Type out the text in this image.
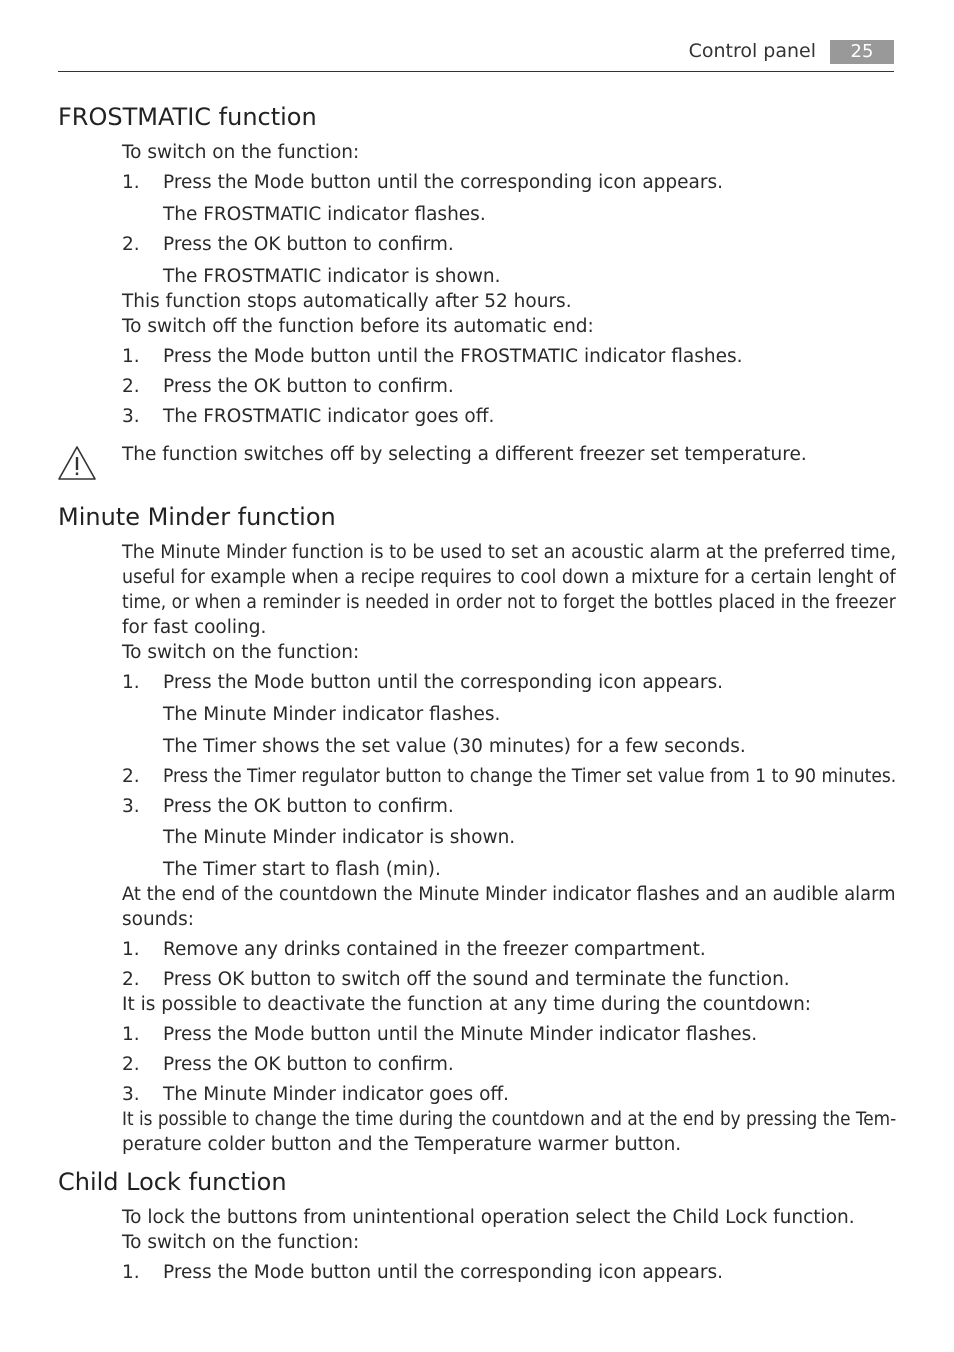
Control panel	25
FROSTMATIC function
To switch on the function:
1. Press the Mode button until the corresponding icon appears.
The FROSTMATIC indicator flashes.
2. Press the OK button to confirm.
The FROSTMATIC indicator is shown.
This function stops automatically after 52 hours.
To switch off the function before its automatic end:
1. Press the Mode button until the FROSTMATIC indicator flashes.
2. Press the OK button to confirm.
3. The FROSTMATIC indicator goes off.
The function switches off by selecting a different freezer set temperature.
Minute Minder function
The Minute Minder function is to be used to set an acoustic alarm at the preferred time,
useful for example when a recipe requires to cool down a mixture for a certain lenght of
time, or when a reminder is needed in order not to forget the bottles placed in the freezer
for fast cooling.
To switch on the function:
1. Press the Mode button until the corresponding icon appears.
The Minute Minder indicator flashes.
The Timer shows the set value (30 minutes) for a few seconds.
2. Press the Timer regulator button to change the Timer set value from 1 to 90 minutes.
3. Press the OK button to confirm.
The Minute Minder indicator is shown.
The Timer start to flash (min).
At the end of the countdown the Minute Minder indicator flashes and an audible alarm
sounds:
1. Remove any drinks contained in the freezer compartment.
2. Press OK button to switch off the sound and terminate the function.
It is possible to deactivate the function at any time during the countdown:
1. Press the Mode button until the Minute Minder indicator flashes.
2. Press the OK button to confirm.
3. The Minute Minder indicator goes off.
It is possible to change the time during the countdown and at the end by pressing the Tem-
perature colder button and the Temperature warmer button.
Child Lock function
To lock the buttons from unintentional operation select the Child Lock function.
To switch on the function:
1. Press the Mode button until the corresponding icon appears.
